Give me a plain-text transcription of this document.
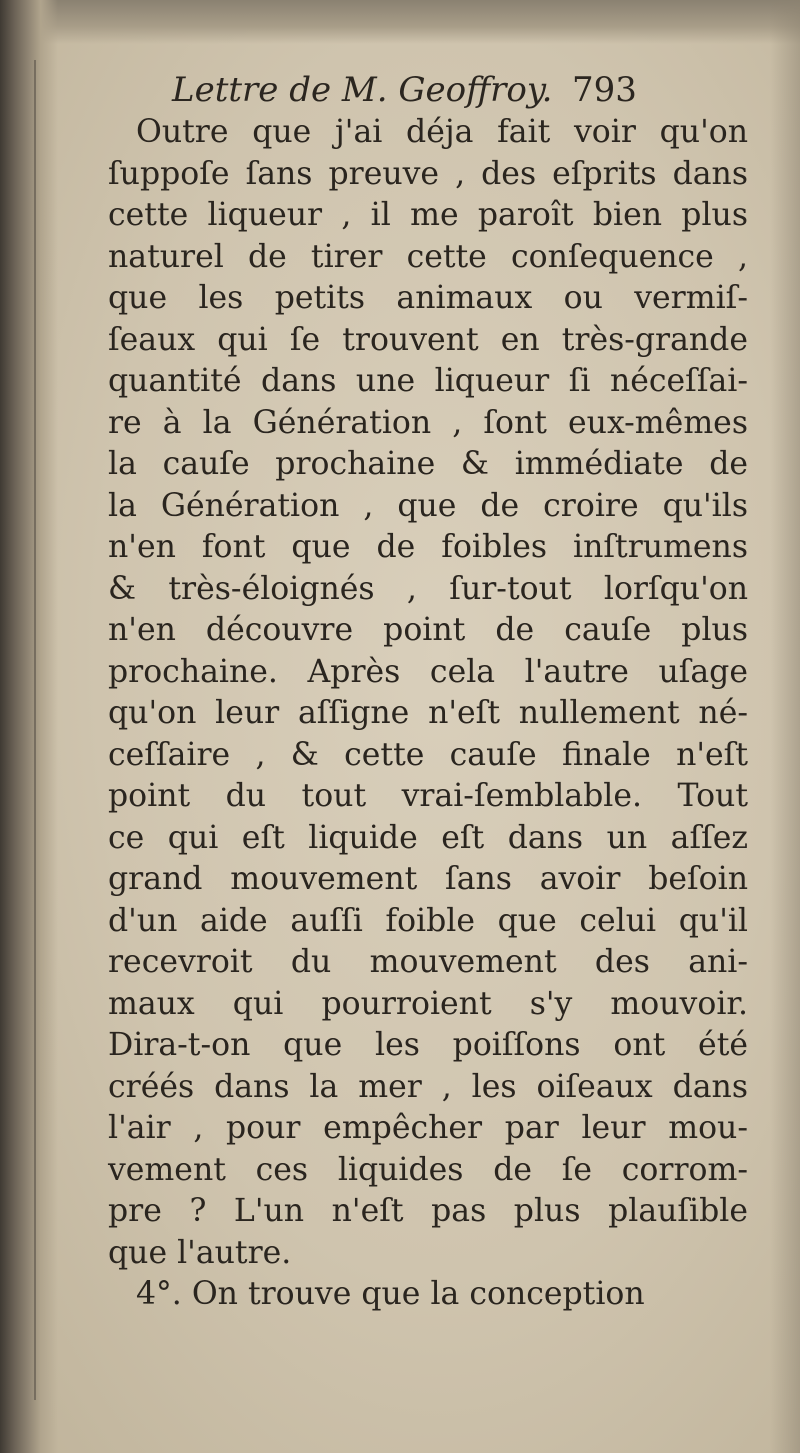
Lettre de M. Geoffroy. 793
Outre que j'ai déja fait voir qu'on
ſuppoſe ſans preuve , des eſprits dans
cette liqueur , il me paroît bien plus
naturel de tirer cette conſequence ,
que les petits animaux ou vermiſ-
ſeaux qui ſe trouvent en très-grande
quantité dans une liqueur ſi néceſſai-
re à la Génération , ſont eux-mêmes
la cauſe prochaine & immédiate de
la Génération , que de croire qu'ils
n'en font que de foibles inſtrumens
& très-éloignés , ſur-tout lorſqu'on
n'en découvre point de cauſe plus
prochaine. Après cela l'autre uſage
qu'on leur aſſigne n'eſt nullement né-
ceſſaire , & cette cauſe finale n'eſt
point du tout vrai-ſemblable. Tout
ce qui eſt liquide eſt dans un aſſez
grand mouvement ſans avoir beſoin
d'un aide auſſi foible que celui qu'il
recevroit du mouvement des ani-
maux qui pourroient s'y mouvoir.
Dira-t-on que les poiſſons ont été
créés dans la mer , les oiſeaux dans
l'air , pour empêcher par leur mou-
vement ces liquides de ſe corrom-
pre ? L'un n'eſt pas plus plauſible
que l'autre.
4°. On trouve que la conception
